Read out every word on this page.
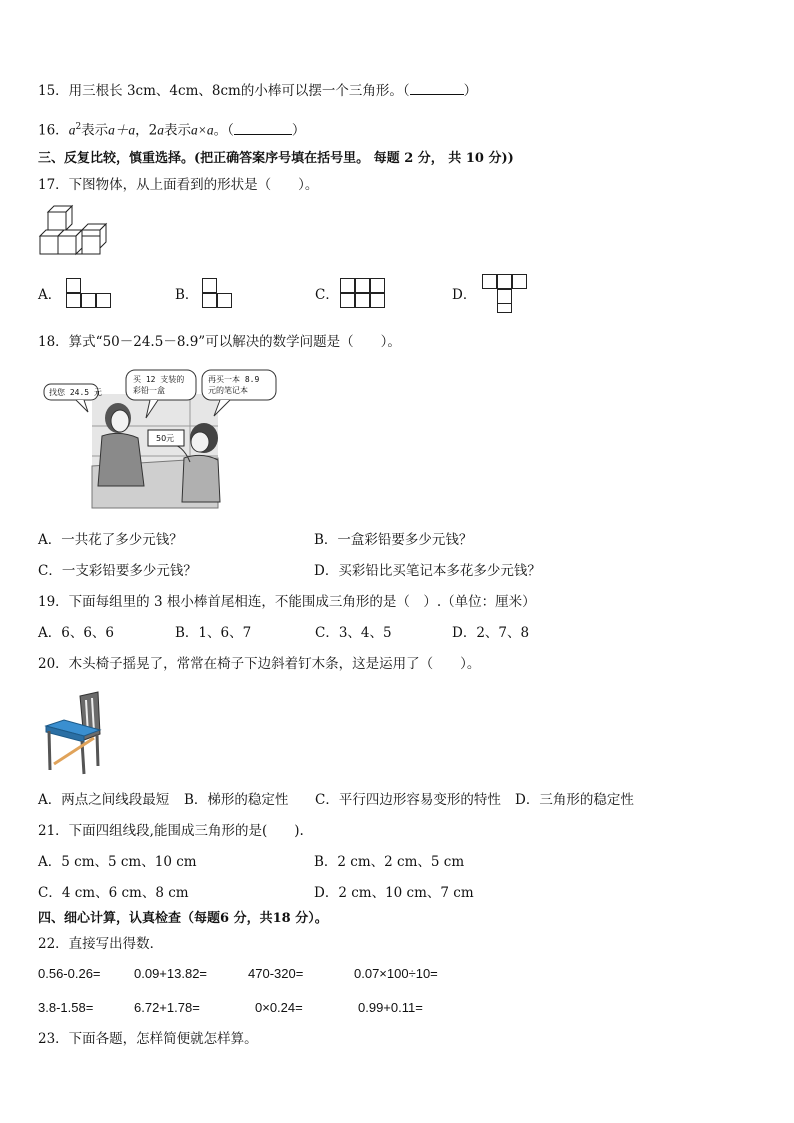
15．用三根长 3cm、4cm、8cm的小棒可以摆一个三角形。（	）
16．$a^2$表示a＋a，2a表示a×a。（	）
三、反复比较，慎重选择。(把正确答案序号填在括号里。 每题 2 分， 共 10 分))
17．下图物体，从上面看到的形状是（　　）。
A．	B．	C．	D．
18．算式“50－24.5－8.9”可以解决的数学问题是（　　）。
找您 24.5 元
买 12 支装的彩铅一盒
再买一本 8.9 元的笔记本
50元
A．一共花了多少元钱？	B．一盒彩铅要多少元钱？
C．一支彩铅要多少元钱？	D．买彩铅比买笔记本多花多少元钱？
19．下面每组里的 3 根小棒首尾相连，不能围成三角形的是（　）.（单位：厘米）
A．6、6、6	B．1、6、7	C．3、4、5	D．2、7、8
20．木头椅子摇晃了，常常在椅子下边斜着钉木条，这是运用了（　　）。
A．两点之间线段最短 B．梯形的稳定性 C．平行四边形容易变形的特性 D．三角形的稳定性
21．下面四组线段,能围成三角形的是(　　).
A．5 cm、5 cm、10 cm	B．2 cm、2 cm、5 cm
C．4 cm、6 cm、8 cm	D．2 cm、10 cm、7 cm
四、细心计算，认真检查（每题6 分，共18 分）。
22．直接写出得数．
0.56-0.26=	0.09+13.82=	470-320=	0.07×100÷10=
3.8-1.58=	6.72+1.78=	0×0.24=	0.99+0.11=
23．下面各题，怎样简便就怎样算。
